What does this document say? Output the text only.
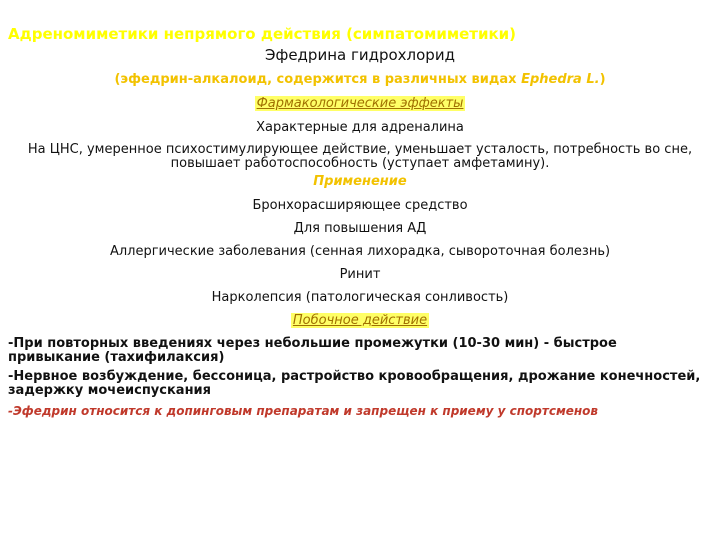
Адреномиметики непрямого действия (симпатомиметики)
Эфедрина гидрохлорид
(эфедрин-алкалоид, содержится в различных видах Ephedra L.)
Фармакологические эффекты
Характерные для адреналина
На ЦНС, умеренное психостимулирующее действие, уменьшает усталость, потребность во сне, повышает работоспособность (уступает амфетамину).
Применение
Бронхорасширяющее средство
Для повышения АД
Аллергические заболевания (сенная лихорадка, сывороточная болезнь)
Ринит
Нарколепсия (патологическая сонливость)
Побочное действие
-При повторных введениях через небольшие промежутки (10-30 мин) - быстрое привыкание (тахифилаксия)
-Нервное возбуждение, бессоница, растройство кровообращения, дрожание конечностей, задержку мочеиспускания
-Эфедрин относится к допинговым препаратам и запрещен к приему у спортсменов
